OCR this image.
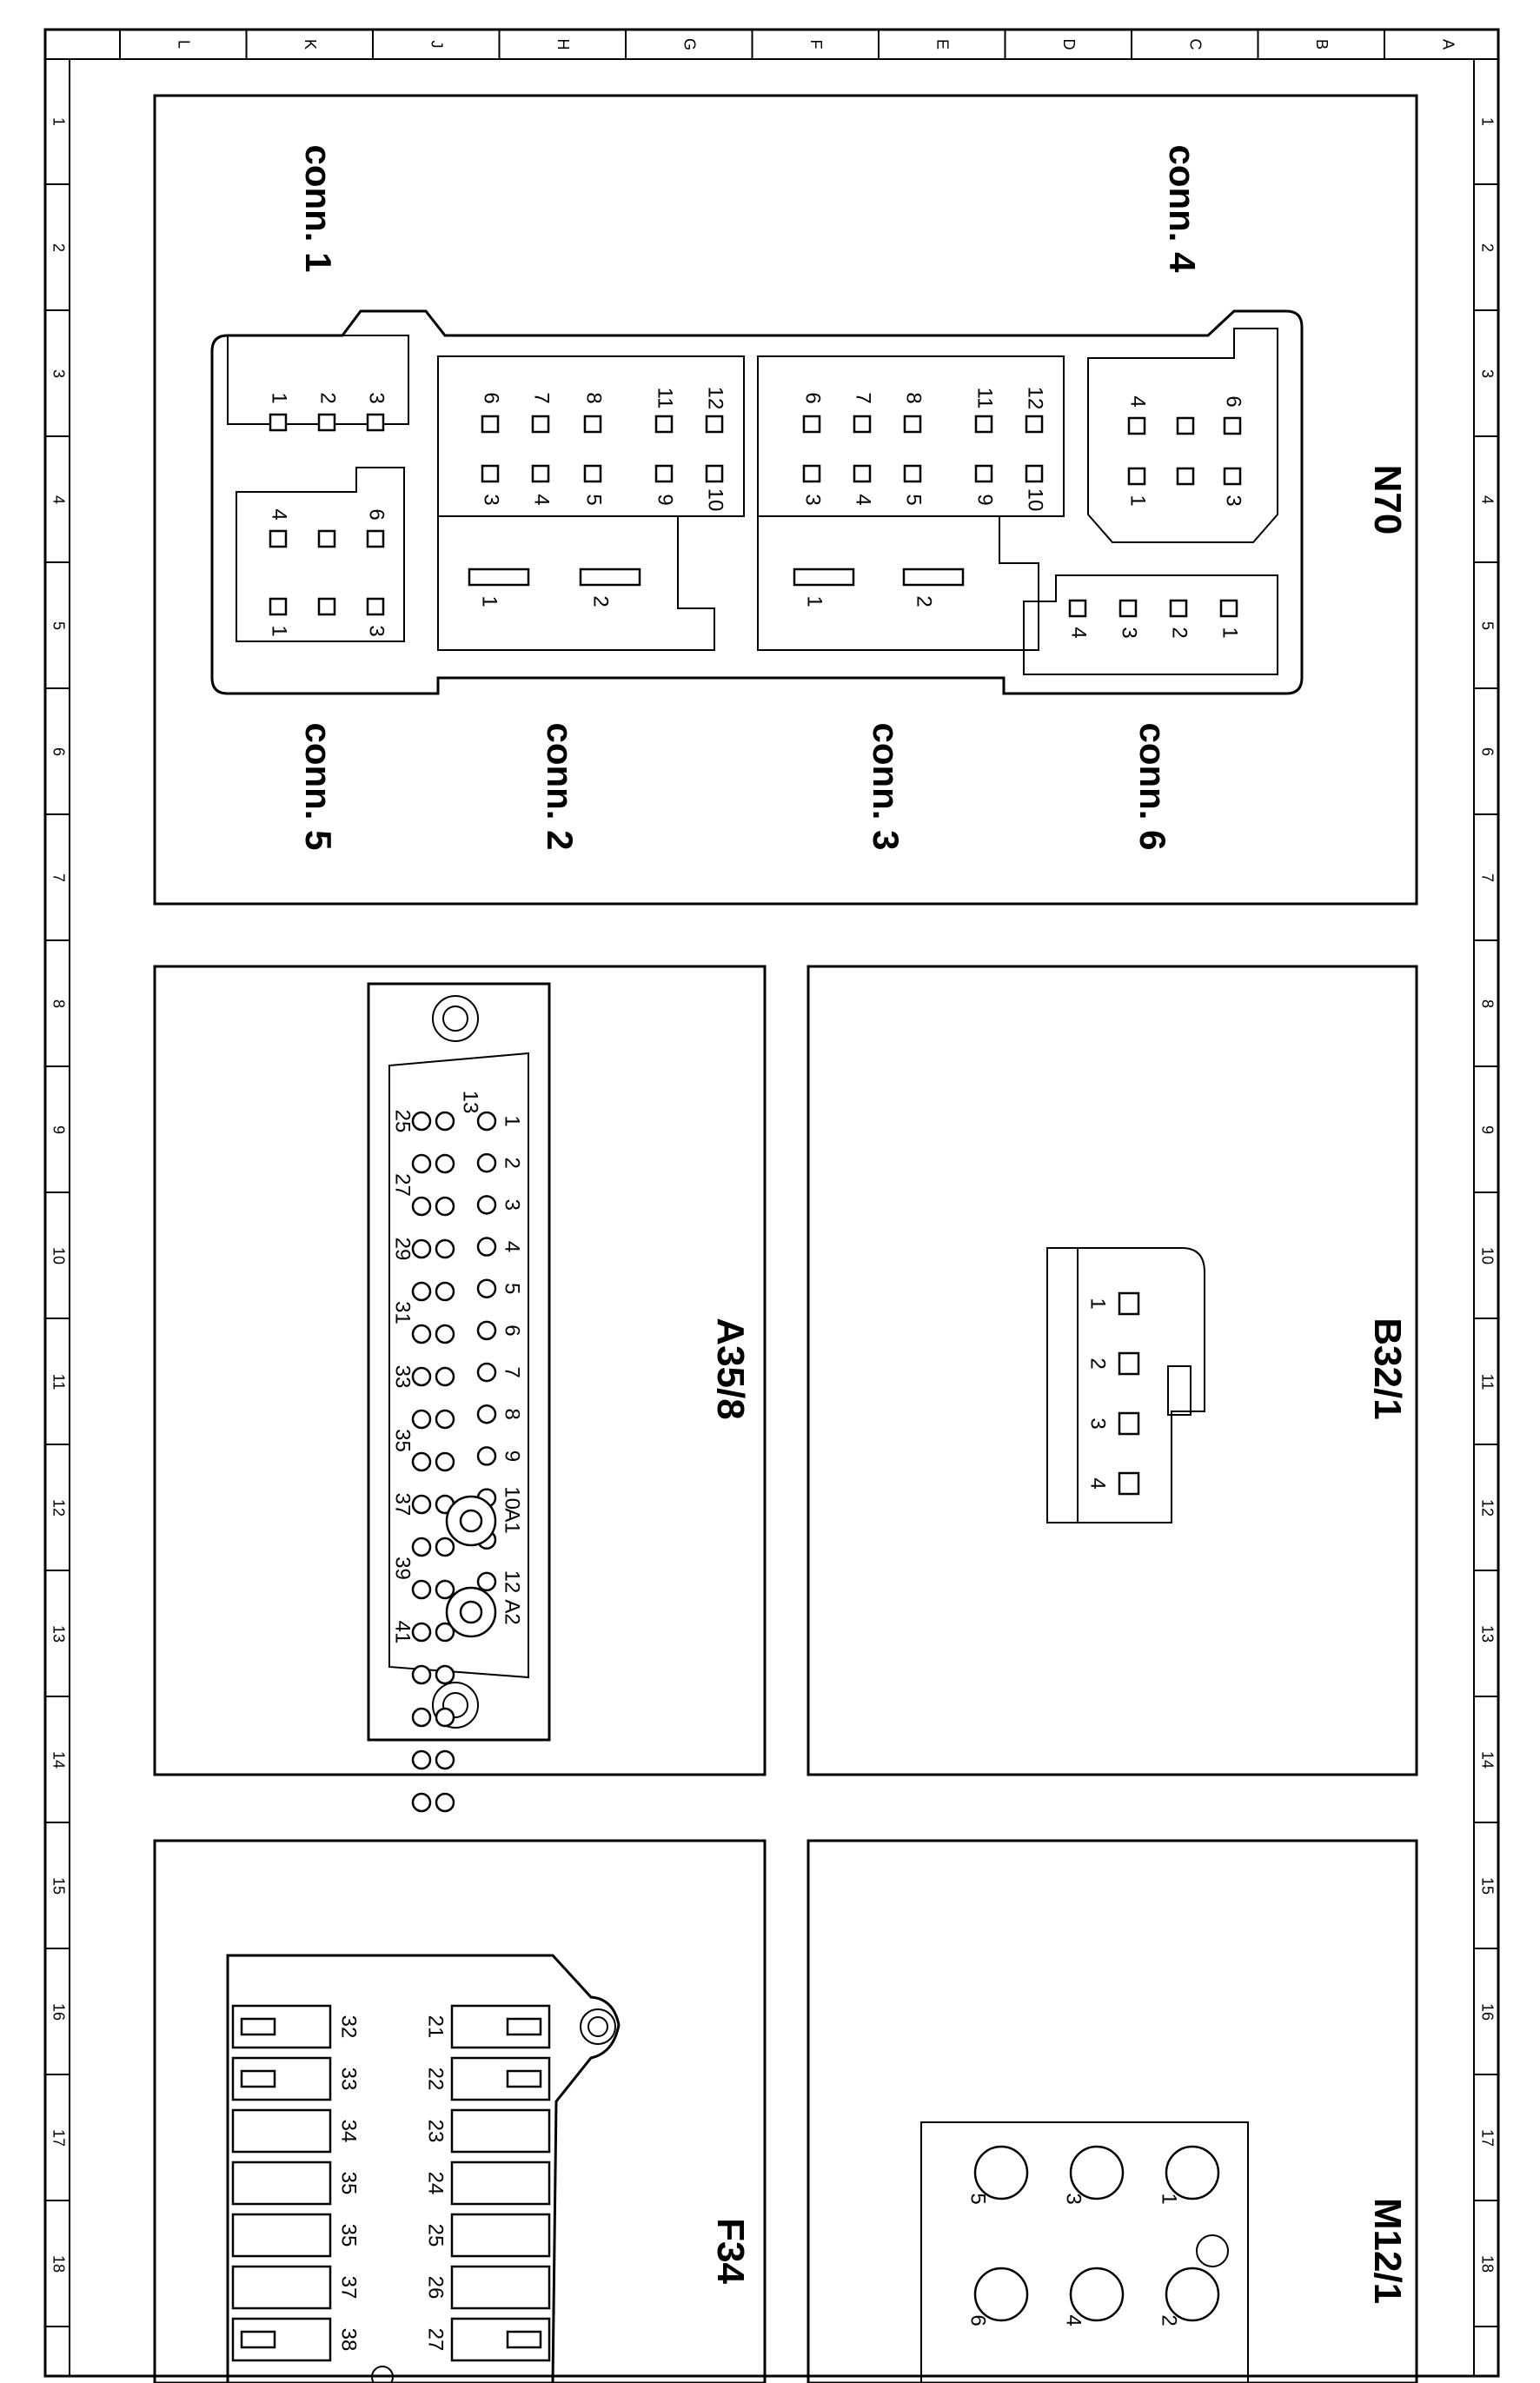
A
B
C
D
E
F
G
H
J
K
L
1
2
3
4
5
6
7
8
9
10
11
12
13
14
15
16
17
18
1
2
3
4
5
6
7
8
9
10
11
12
13
14
15
16
17
18
N70
conn. 1	conn. 4
conn. 5	conn. 2	conn. 3	conn. 6
1 2 3	12
11
8
7
6
10
9
5
4
3
2
1
12
11
8
7
6
10
9
5
4
3
2
1
6
4
3
1
6
4
3
1	1
2
3
4
A35/8
1
2
3
4
5
6
7
8
9
10
12
13
25
27
29
31
33
35
37
39
41
A1
A2
B32/1
1
2
3
4
F34
32	21
33	22
34	23
35	24
35	25
37	26
38	27
M12/1
1
2
3
4
5
6
